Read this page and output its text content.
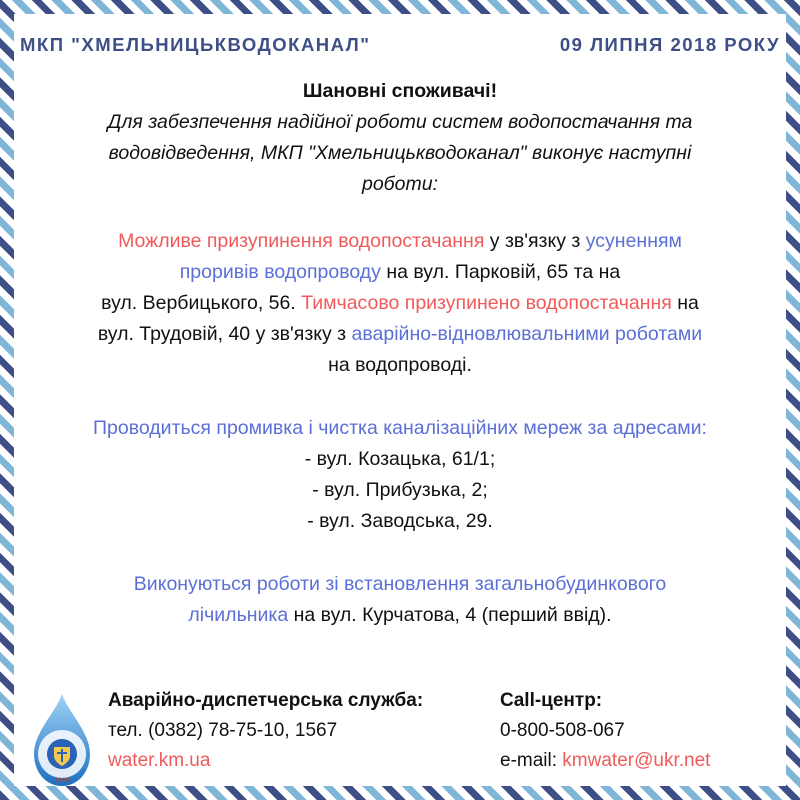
МКП "ХМЕЛЬНИЦЬКВОДОКАНАЛ"	09 ЛИПНЯ 2018 РОКУ

Шановні споживачі!

Для забезпечення надійної роботи систем водопостачання та

водовідведення, МКП "Хмельницькводоканал" виконує наступні

роботи:

Можливе призупинення водопостачання у зв'язку з усуненням

проривів водопроводу на вул. Парковій, 65 та на

вул. Вербицького, 56. Тимчасово призупинено водопостачання на

вул. Трудовій, 40 у зв'язку з аварійно-відновлювальними роботами

на водопроводі.

Проводиться промивка і чистка каналізаційних мереж за адресами:

- вул. Козацька, 61/1;

- вул. Прибузька, 2;

- вул. Заводська, 29.

Виконуються роботи зі встановлення загальнобудинкового

лічильника на вул. Курчатова, 4 (перший ввід).

1909
Аварійно-диспетчерська служба:
тел. (0382) 78-75-10, 1567
water.km.ua
Call-центр:
0-800-508-067
e-mail: kmwater@ukr.net
